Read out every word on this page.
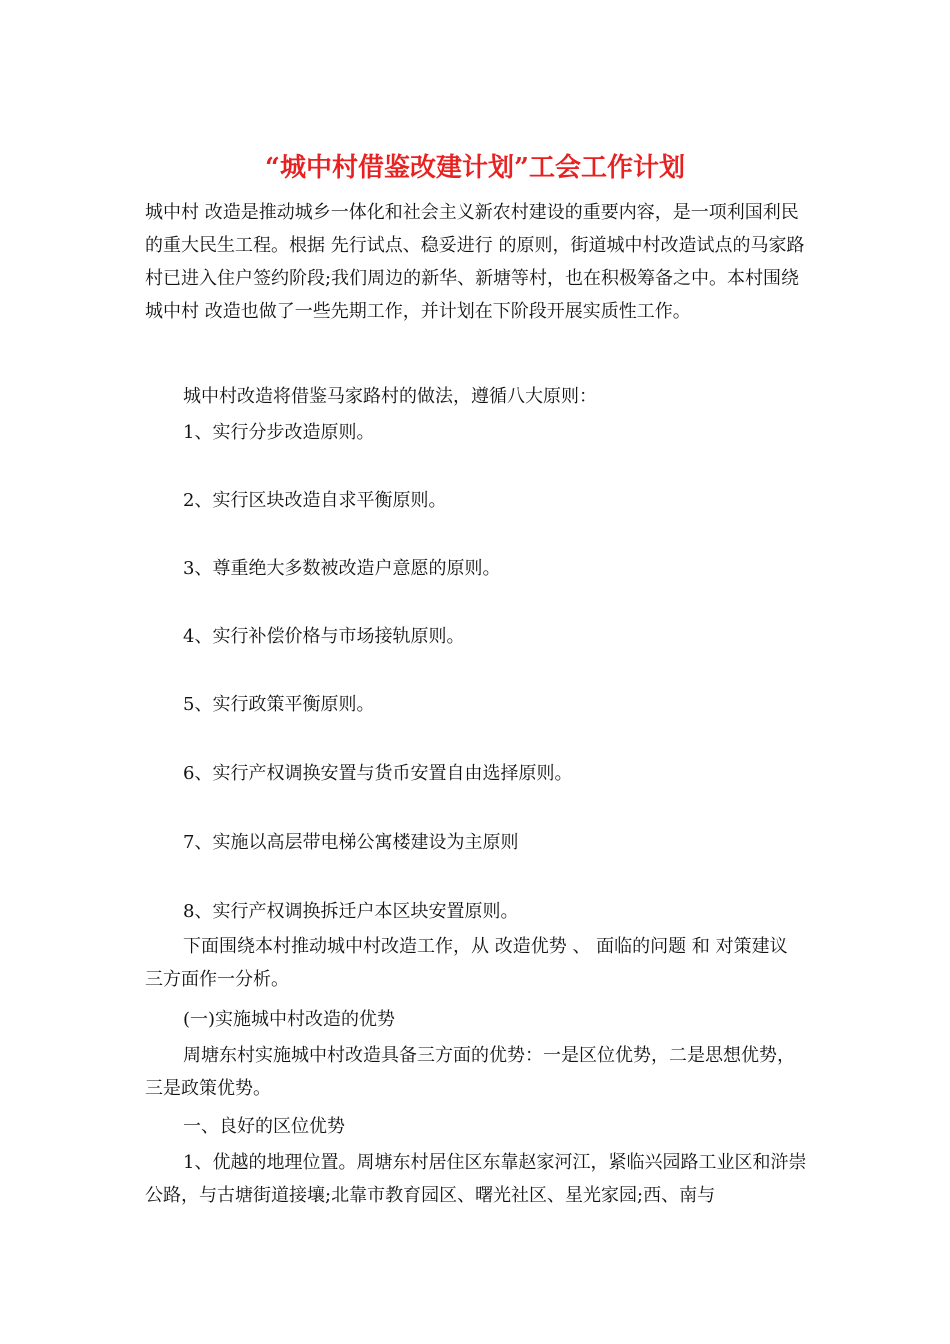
“城中村借鉴改建计划”工会工作计划

城中村 改造是推动城乡一体化和社会主义新农村建设的重要内容，是一项利国利民的重大民生工程。根据 先行试点、稳妥进行 的原则，街道城中村改造试点的马家路村已进入住户签约阶段;我们周边的新华、新塘等村，也在积极筹备之中。本村围绕 城中村 改造也做了一些先期工作，并计划在下阶段开展实质性工作。

城中村改造将借鉴马家路村的做法，遵循八大原则：

1、实行分步改造原则。

2、实行区块改造自求平衡原则。

3、尊重绝大多数被改造户意愿的原则。

4、实行补偿价格与市场接轨原则。

5、实行政策平衡原则。

6、实行产权调换安置与货币安置自由选择原则。

7、实施以高层带电梯公寓楼建设为主原则

8、实行产权调换拆迁户本区块安置原则。

下面围绕本村推动城中村改造工作，从 改造优势 、 面临的问题 和 对策建议 三方面作一分析。

(一)实施城中村改造的优势

周塘东村实施城中村改造具备三方面的优势：一是区位优势，二是思想优势，三是政策优势。

一、良好的区位优势

1、优越的地理位置。周塘东村居住区东靠赵家河江，紧临兴园路工业区和浒崇公路，与古塘街道接壤;北靠市教育园区、曙光社区、星光家园;西、南与
